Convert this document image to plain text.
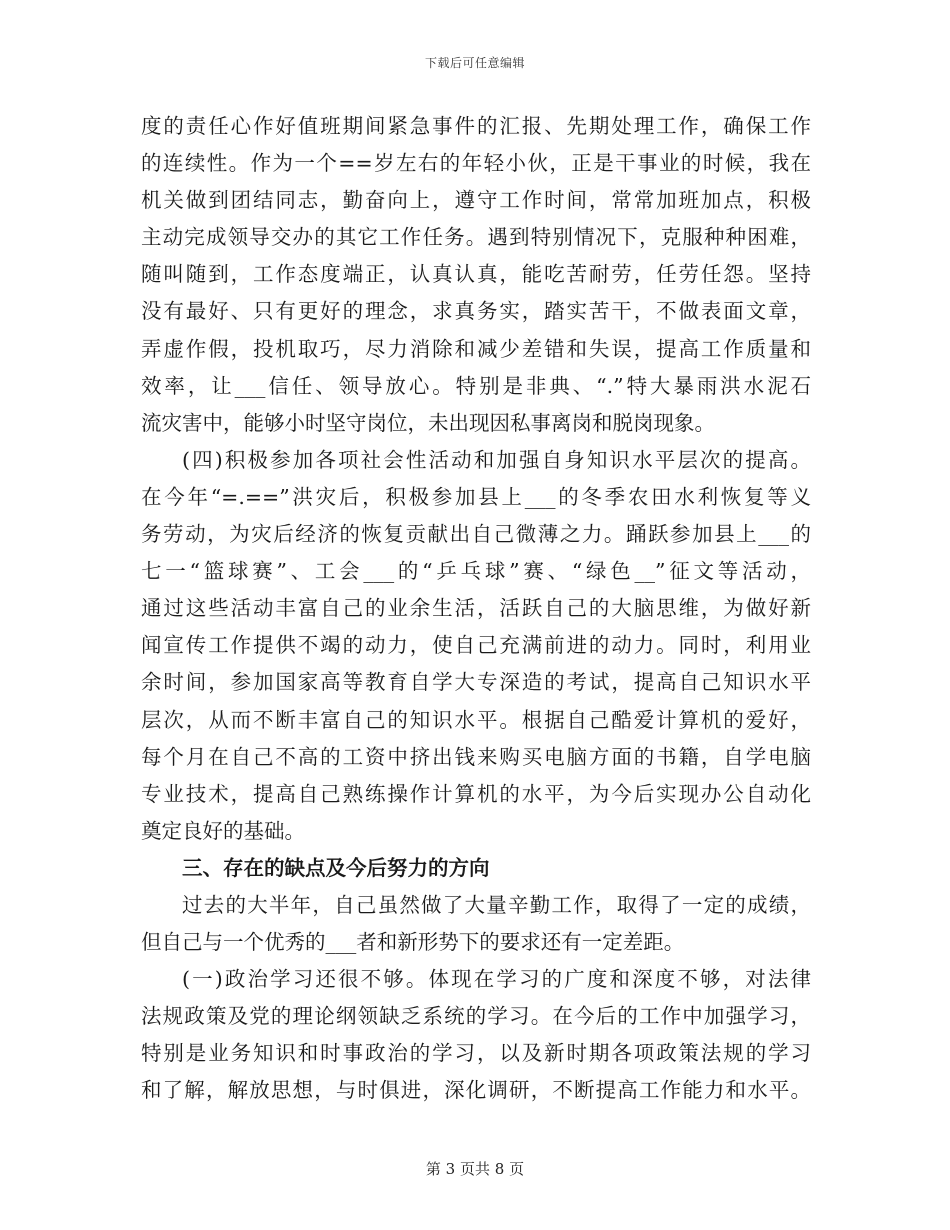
下载后可任意编辑
度的责任心作好值班期间紧急事件的汇报、先期处理工作，确保工作
的连续性。作为一个==岁左右的年轻小伙，正是干事业的时候，我在
机关做到团结同志，勤奋向上，遵守工作时间，常常加班加点，积极
主动完成领导交办的其它工作任务。遇到特别情况下，克服种种困难，
随叫随到，工作态度端正，认真认真，能吃苦耐劳，任劳任怨。坚持
没有最好、只有更好的理念，求真务实，踏实苦干，不做表面文章，
弄虚作假，投机取巧，尽力消除和减少差错和失误，提高工作质量和
效率，让___信任、领导放心。特别是非典、“.”特大暴雨洪水泥石
流灾害中，能够小时坚守岗位，未出现因私事离岗和脱岗现象。
(四)积极参加各项社会性活动和加强自身知识水平层次的提高。
在今年“=.==”洪灾后，积极参加县上___的冬季农田水利恢复等义
务劳动，为灾后经济的恢复贡献出自己微薄之力。踊跃参加县上___的
七一“篮球赛”、工会___的“乒乓球”赛、“绿色__”征文等活动，
通过这些活动丰富自己的业余生活，活跃自己的大脑思维，为做好新
闻宣传工作提供不竭的动力，使自己充满前进的动力。同时，利用业
余时间，参加国家高等教育自学大专深造的考试，提高自己知识水平
层次，从而不断丰富自己的知识水平。根据自己酷爱计算机的爱好，
每个月在自己不高的工资中挤出钱来购买电脑方面的书籍，自学电脑
专业技术，提高自己熟练操作计算机的水平，为今后实现办公自动化
奠定良好的基础。
三、存在的缺点及今后努力的方向
过去的大半年，自己虽然做了大量辛勤工作，取得了一定的成绩，
但自己与一个优秀的___者和新形势下的要求还有一定差距。
(一)政治学习还很不够。体现在学习的广度和深度不够，对法律
法规政策及党的理论纲领缺乏系统的学习。在今后的工作中加强学习，
特别是业务知识和时事政治的学习，以及新时期各项政策法规的学习
和了解，解放思想，与时俱进，深化调研，不断提高工作能力和水平。
第 3 页共 8 页
